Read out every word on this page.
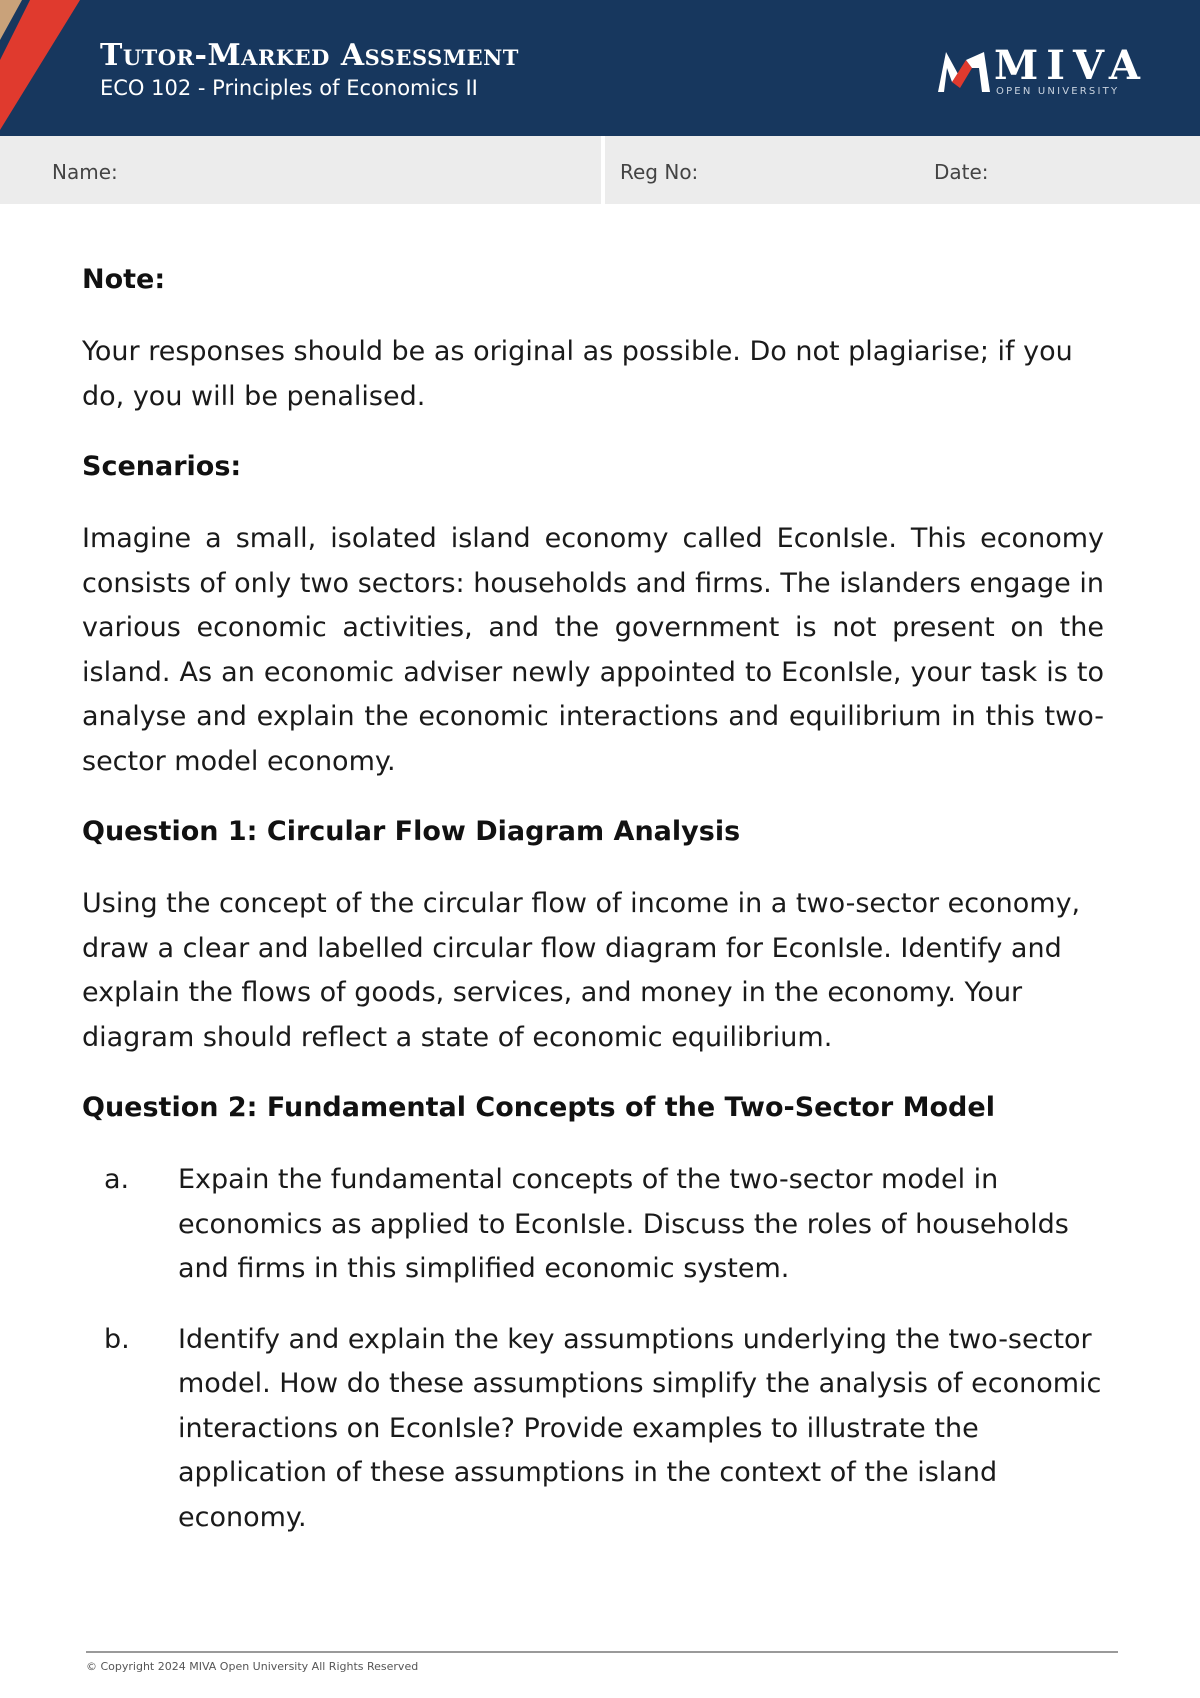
Tutor-Marked Assessment
ECO 102 - Principles of Economics II	MIVA
OPEN UNIVERSITY
Name:	Reg No:	Date:

Note:

Your responses should be as original as possible. Do not plagiarise; if you do, you will be penalised.

Scenarios:

Imagine a small, isolated island economy called EconIsle. This economy consists of only two sectors: households and firms. The islanders engage in various economic activities, and the government is not present on the island. As an economic adviser newly appointed to EconIsle, your task is to analyse and explain the economic interactions and equilibrium in this two-sector model economy.

Question 1: Circular Flow Diagram Analysis

Using the concept of the circular flow of income in a two-sector economy, draw a clear and labelled circular flow diagram for EconIsle. Identify and explain the flows of goods, services, and money in the economy. Your diagram should reflect a state of economic equilibrium.

Question 2: Fundamental Concepts of the Two-Sector Model

a. Expain the fundamental concepts of the two-sector model in economics as applied to EconIsle. Discuss the roles of households and firms in this simplified economic system.

b. Identify and explain the key assumptions underlying the two-sector model. How do these assumptions simplify the analysis of economic interactions on EconIsle? Provide examples to illustrate the application of these assumptions in the context of the island economy.

© Copyright 2024 MIVA Open University All Rights Reserved
